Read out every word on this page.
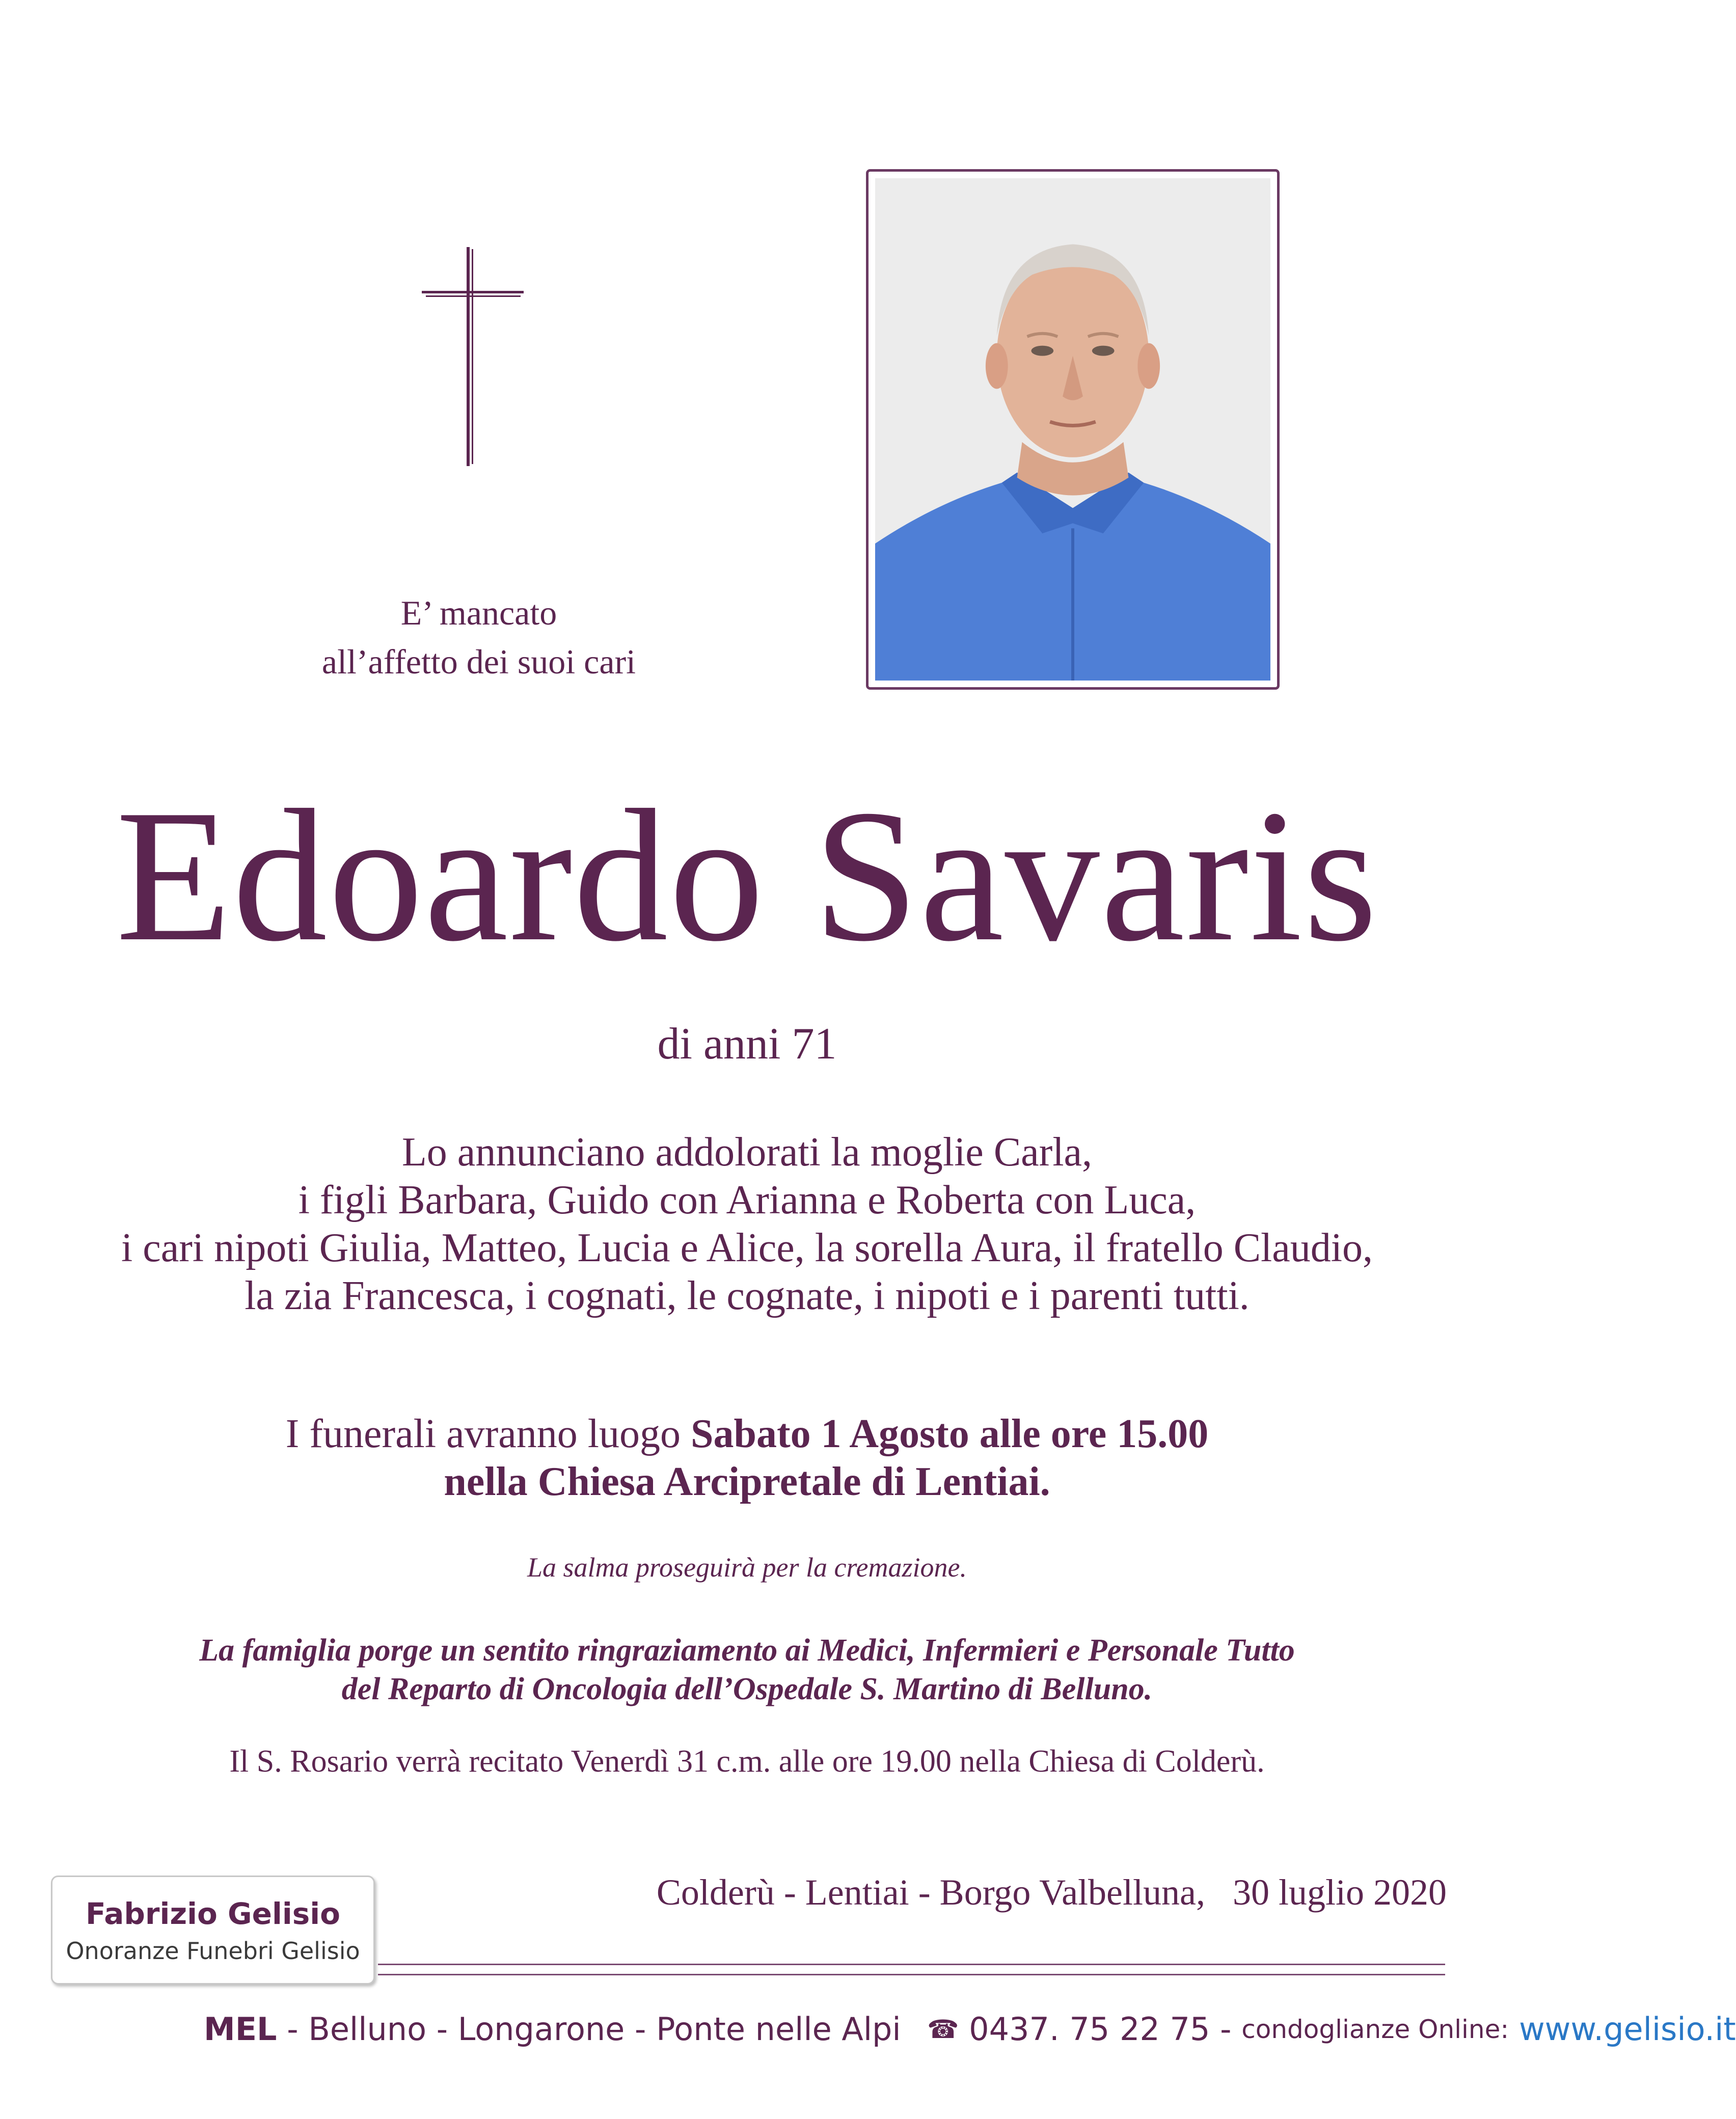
E’ mancato
all’affetto dei suoi cari
Edoardo Savaris
di anni 71
Lo annunciano addolorati la moglie Carla,
i figli Barbara, Guido con Arianna e Roberta con Luca,
i cari nipoti Giulia, Matteo, Lucia e Alice, la sorella Aura, il fratello Claudio,
la zia Francesca, i cognati, le cognate, i nipoti e i parenti tutti.
I funerali avranno luogo Sabato 1 Agosto alle ore 15.00
nella Chiesa Arcipretale di Lentiai.
La salma proseguirà per la cremazione.
La famiglia porge un sentito ringraziamento ai Medici, Infermieri e Personale Tutto
del Reparto di Oncologia dell’Ospedale S. Martino di Belluno.
Il S. Rosario verrà recitato Venerdì 31 c.m. alle ore 19.00 nella Chiesa di Colderù.
Fabrizio Gelisio
Onoranze Funebri Gelisio
Colderù - Lentiai - Borgo Valbelluna,   30 luglio 2020
MEL - Belluno - Longarone - Ponte nelle Alpi   ☎ 0437. 75 22 75 - condoglianze Online: www.gelisio.it
